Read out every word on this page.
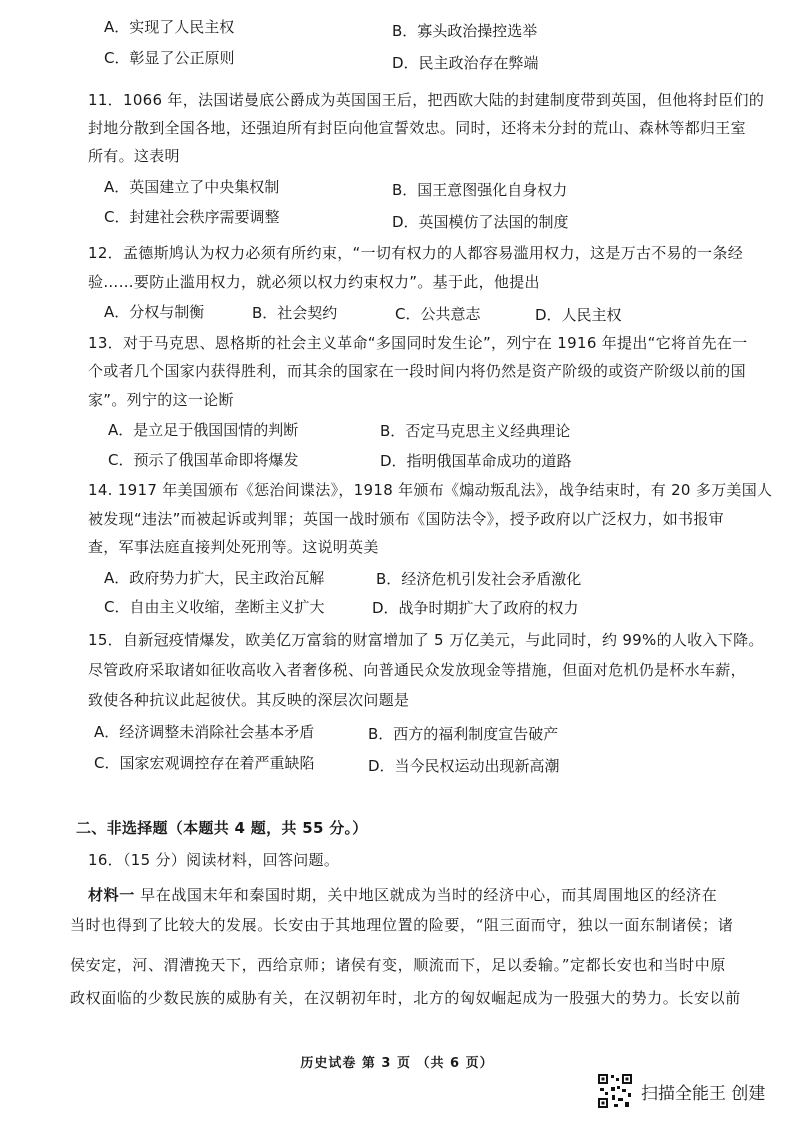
A．实现了人民主权	B．寡头政治操控选举
C．彰显了公正原则	D．民主政治存在弊端
11．1066 年，法国诺曼底公爵成为英国国王后，把西欧大陆的封建制度带到英国，但他将封臣们的
封地分散到全国各地，还强迫所有封臣向他宣誓效忠。同时，还将未分封的荒山、森林等都归王室
所有。这表明
A．英国建立了中央集权制	B．国王意图强化自身权力
C．封建社会秩序需要调整	D．英国模仿了法国的制度
12．孟德斯鸠认为权力必须有所约束，“一切有权力的人都容易滥用权力，这是万古不易的一条经
验……要防止滥用权力，就必须以权力约束权力”。基于此，他提出
A．分权与制衡	B．社会契约	C．公共意志	D．人民主权
13．对于马克思、恩格斯的社会主义革命“多国同时发生论”，列宁在 1916 年提出“它将首先在一
个或者几个国家内获得胜利，而其余的国家在一段时间内将仍然是资产阶级的或资产阶级以前的国
家”。列宁的这一论断
A．是立足于俄国国情的判断	B．否定马克思主义经典理论
C．预示了俄国革命即将爆发	D．指明俄国革命成功的道路
14. 1917 年美国颁布《惩治间谍法》，1918 年颁布《煽动叛乱法》，战争结束时，有 20 多万美国人
被发现“违法”而被起诉或判罪；英国一战时颁布《国防法令》，授予政府以广泛权力，如书报审
查，军事法庭直接判处死刑等。这说明英美
A．政府势力扩大，民主政治瓦解	B．经济危机引发社会矛盾激化
C．自由主义收缩，垄断主义扩大	D．战争时期扩大了政府的权力
15．自新冠疫情爆发，欧美亿万富翁的财富增加了 5 万亿美元，与此同时，约 99%的人收入下降。
尽管政府采取诸如征收高收入者奢侈税、向普通民众发放现金等措施，但面对危机仍是杯水车薪，
致使各种抗议此起彼伏。其反映的深层次问题是
A．经济调整未消除社会基本矛盾	B．西方的福利制度宣告破产
C．国家宏观调控存在着严重缺陷	D．当今民权运动出现新高潮
二、非选择题（本题共 4 题，共 55 分。）
16．（15 分）阅读材料，回答问题。
材料一 早在战国末年和秦国时期，关中地区就成为当时的经济中心，而其周围地区的经济在
当时也得到了比较大的发展。长安由于其地理位置的险要，“阻三面而守，独以一面东制诸侯；诸
侯安定，河、渭漕挽天下，西给京师；诸侯有变，顺流而下，足以委输。”定都长安也和当时中原
政权面临的少数民族的威胁有关，在汉朝初年时，北方的匈奴崛起成为一股强大的势力。长安以前
历史试卷 第 3 页 （共 6 页）
扫描全能王 创建
